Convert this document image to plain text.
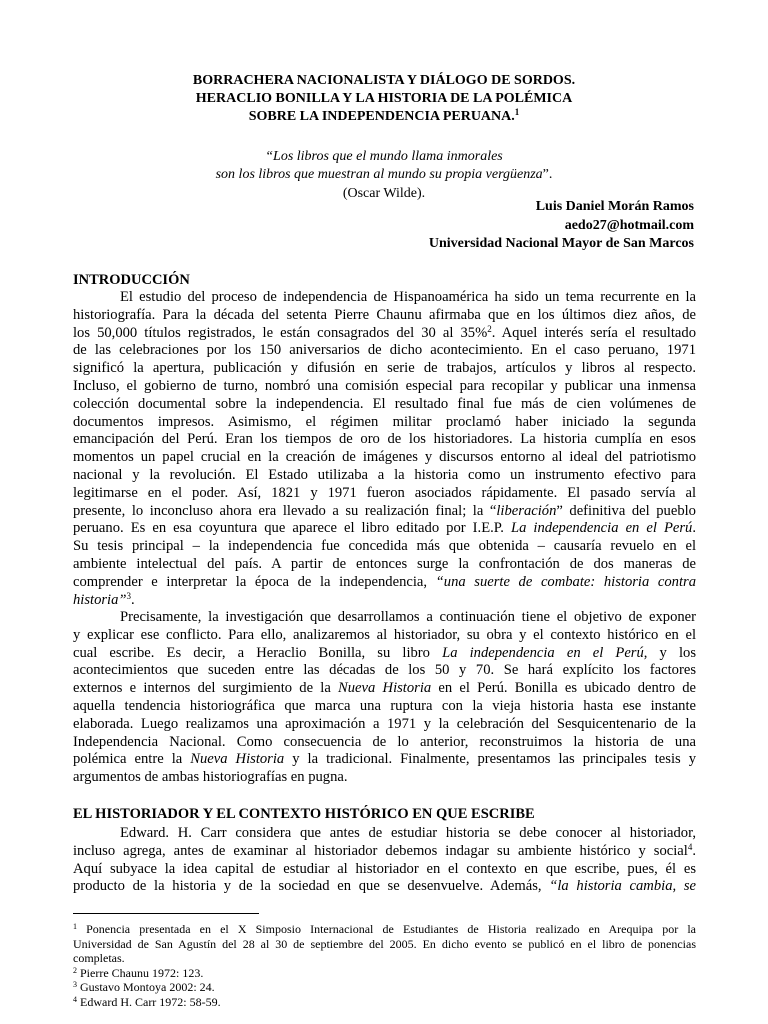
BORRACHERA NACIONALISTA Y DIÁLOGO DE SORDOS.
HERACLIO BONILLA Y LA HISTORIA DE LA POLÉMICA
SOBRE LA INDEPENDENCIA PERUANA.$^1$
“Los libros que el mundo llama inmorales
son los libros que muestran al mundo su propia vergüenza”.
(Oscar Wilde).
Luis Daniel Morán Ramos
aedo27@hotmail.com
Universidad Nacional Mayor de San Marcos
INTRODUCCIÓN
El estudio del proceso de independencia de Hispanoamérica ha sido un tema recurrente en la
historiografía. Para la década del setenta Pierre Chaunu afirmaba que en los últimos diez años, de
los 50,000 títulos registrados, le están consagrados del 30 al 35%$^2$. Aquel interés sería el resultado
de las celebraciones por los 150 aniversarios de dicho acontecimiento. En el caso peruano, 1971
significó la apertura, publicación y difusión en serie de trabajos, artículos y libros al respecto.
Incluso, el gobierno de turno, nombró una comisión especial para recopilar y publicar una inmensa
colección documental sobre la independencia. El resultado final fue más de cien volúmenes de
documentos impresos. Asimismo, el régimen militar proclamó haber iniciado la segunda
emancipación del Perú. Eran los tiempos de oro de los historiadores. La historia cumplía en esos
momentos un papel crucial en la creación de imágenes y discursos entorno al ideal del patriotismo
nacional y la revolución. El Estado utilizaba a la historia como un instrumento efectivo para
legitimarse en el poder. Así, 1821 y 1971 fueron asociados rápidamente. El pasado servía al
presente, lo inconcluso ahora era llevado a su realización final; la “liberación” definitiva del pueblo
peruano. Es en esa coyuntura que aparece el libro editado por I.E.P. La independencia en el Perú.
Su tesis principal – la independencia fue concedida más que obtenida – causaría revuelo en el
ambiente intelectual del país. A partir de entonces surge la confrontación de dos maneras de
comprender e interpretar la época de la independencia, “una suerte de combate: historia contra
historia”$^3$.
Precisamente, la investigación que desarrollamos a continuación tiene el objetivo de exponer
y explicar ese conflicto. Para ello, analizaremos al historiador, su obra y el contexto histórico en el
cual escribe. Es decir, a Heraclio Bonilla, su libro La independencia en el Perú, y los
acontecimientos que suceden entre las décadas de los 50 y 70. Se hará explícito los factores
externos e internos del surgimiento de la Nueva Historia en el Perú. Bonilla es ubicado dentro de
aquella tendencia historiográfica que marca una ruptura con la vieja historia hasta ese instante
elaborada. Luego realizamos una aproximación a 1971 y la celebración del Sesquicentenario de la
Independencia Nacional. Como consecuencia de lo anterior, reconstruimos la historia de una
polémica entre la Nueva Historia y la tradicional. Finalmente, presentamos las principales tesis y
argumentos de ambas historiografías en pugna.
EL HISTORIADOR Y EL CONTEXTO HISTÓRICO EN QUE ESCRIBE
Edward. H. Carr considera que antes de estudiar historia se debe conocer al historiador,
incluso agrega, antes de examinar al historiador debemos indagar su ambiente histórico y social$^4$.
Aquí subyace la idea capital de estudiar al historiador en el contexto en que escribe, pues, él es
producto de la historia y de la sociedad en que se desenvuelve. Además, “la historia cambia, se
$^1$ Ponencia presentada en el X Simposio Internacional de Estudiantes de Historia realizado en Arequipa por la
Universidad de San Agustín del 28 al 30 de septiembre del 2005. En dicho evento se publicó en el libro de ponencias
completas.
$^2$ Pierre Chaunu 1972: 123.
$^3$ Gustavo Montoya 2002: 24.
$^4$ Edward H. Carr 1972: 58-59.
